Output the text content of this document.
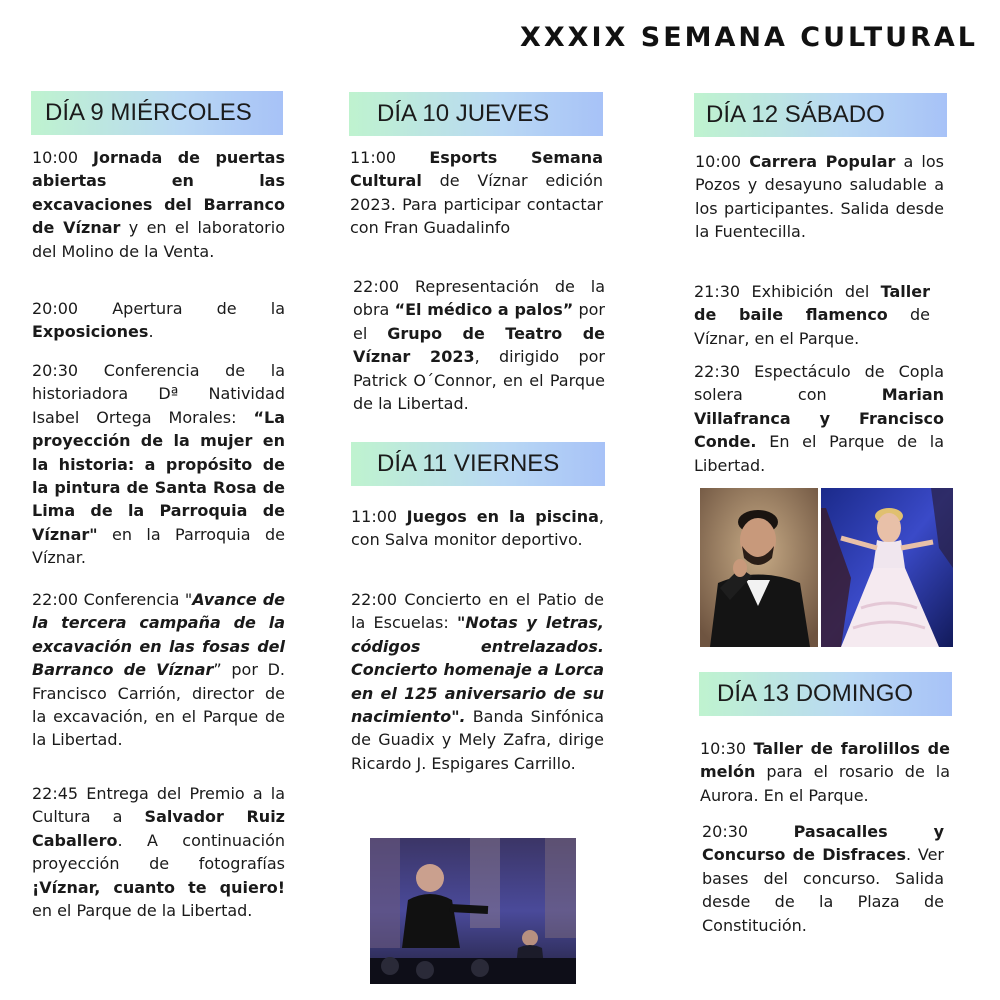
XXXIX SEMANA CULTURAL
DÍA 9 MIÉRCOLES
10:00 Jornada de puertas abiertas en las excavaciones del Barranco de Víznar y en el laboratorio del Molino de la Venta.
20:00 Apertura de la Exposiciones.
20:30 Conferencia de la historiadora Dª Natividad Isabel Ortega Morales: “La proyección de la mujer en la historia: a propósito de la pintura de Santa Rosa de Lima de la Parroquia de Víznar" en la Parroquia de Víznar.
22:00 Conferencia "Avance de la tercera campaña de la excavación en las fosas del Barranco de Víznar” por D. Francisco Carrión, director de la excavación, en el Parque de la Libertad.
22:45 Entrega del Premio a la Cultura a Salvador Ruiz Caballero. A continuación proyección de fotografías ¡Víznar, cuanto te quiero! en el Parque de la Libertad.
DÍA 10 JUEVES
11:00 Esports Semana Cultural de Víznar edición 2023. Para participar contactar con Fran Guadalinfo
22:00 Representación de la obra “El médico a palos” por el Grupo de Teatro de Víznar 2023, dirigido por Patrick O´Connor, en el Parque de la Libertad.
DÍA 11 VIERNES
11:00 Juegos en la piscina, con Salva monitor deportivo.
22:00 Concierto en el Patio de la Escuelas: "Notas y letras, códigos entrelazados. Concierto homenaje a Lorca en el 125 aniversario de su nacimiento". Banda Sinfónica de Guadix y Mely Zafra, dirige Ricardo J. Espigares Carrillo.
DÍA 12 SÁBADO
10:00 Carrera Popular a los Pozos y desayuno saludable a los participantes. Salida desde la Fuentecilla.
21:30 Exhibición del Taller de baile flamenco de Víznar, en el Parque.
22:30 Espectáculo de Copla solera con Marian Villafranca y Francisco Conde. En el Parque de la Libertad.
DÍA 13 DOMINGO
10:30 Taller de farolillos de melón para el rosario de la Aurora. En el Parque.
20:30 Pasacalles y Concurso de Disfraces. Ver bases del concurso. Salida desde de la Plaza de Constitución.
